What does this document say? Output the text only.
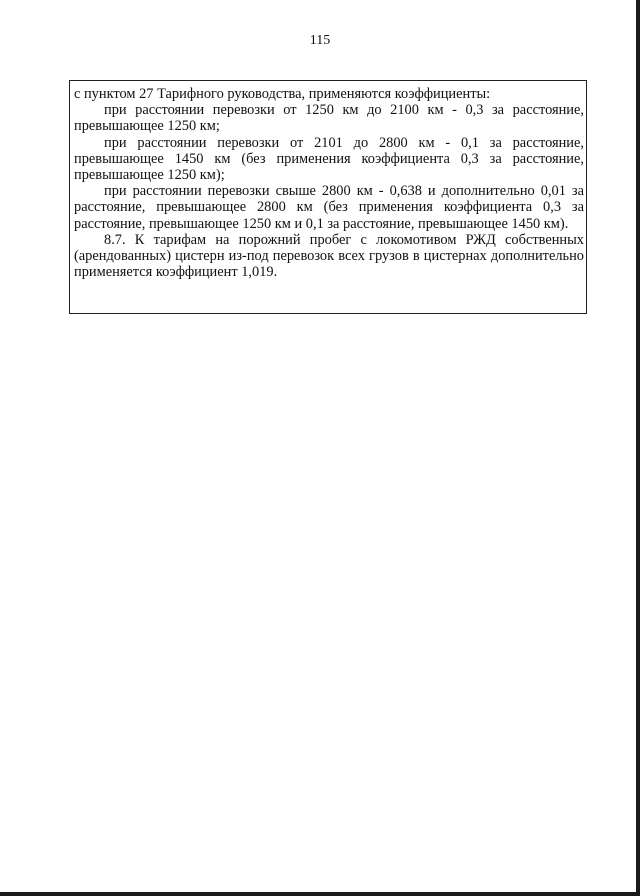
115

с пунктом 27 Тарифного руководства, применяются коэффициенты:

при расстоянии перевозки от 1250 км до 2100 км - 0,3 за расстояние, превышающее 1250 км;

при расстоянии перевозки от 2101 до 2800 км - 0,1 за расстояние, превышающее 1450 км (без применения коэффициента 0,3 за расстояние, превышающее 1250 км);

при расстоянии перевозки свыше 2800 км - 0,638 и дополнительно 0,01 за расстояние, превышающее 2800 км (без применения коэффициента 0,3 за расстояние, превышающее 1250 км и 0,1 за расстояние, превышающее 1450 км).

8.7. К тарифам на порожний пробег с локомотивом РЖД собственных (арендованных) цистерн из-под перевозок всех грузов в цистернах дополнительно применяется коэффициент 1,019.
